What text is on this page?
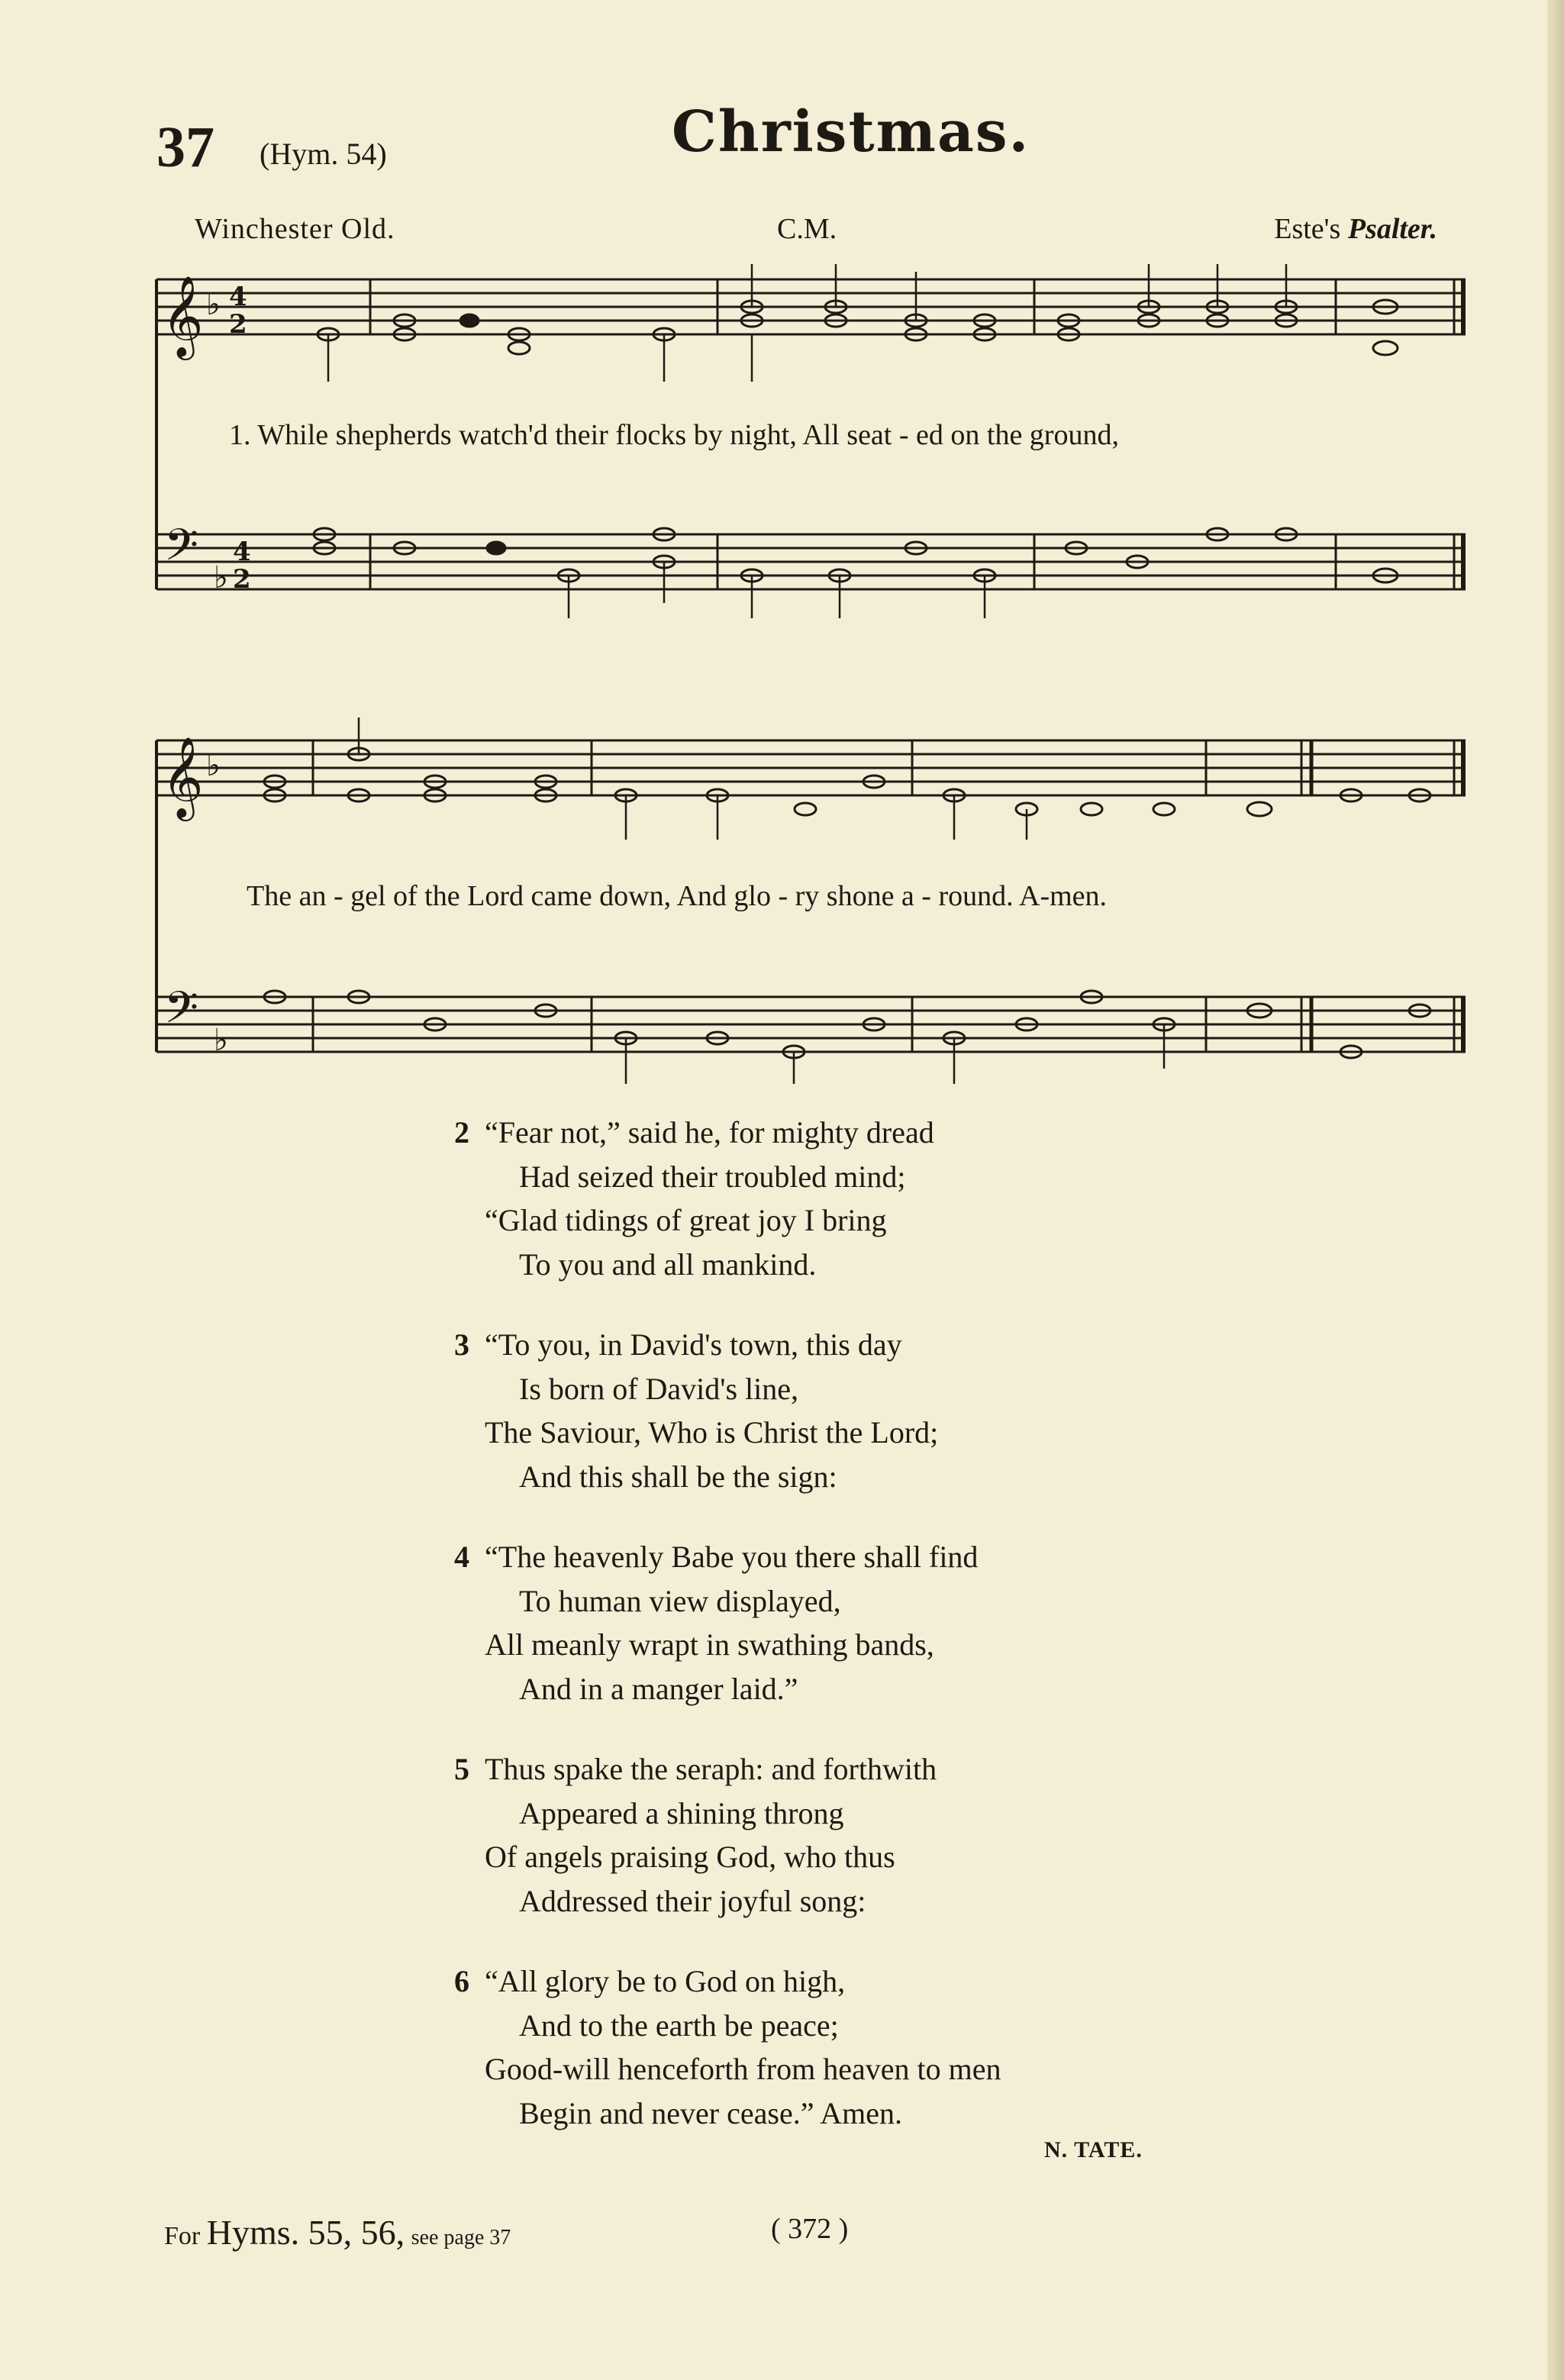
37 (Hym. 54)	Christmas.
Winchester Old.	C.M.	Este's Psalter.
𝄞 ♭ 4
2
𝄢 ♭
4
2
𝄞 ♭
𝄢 ♭
1. While shepherds watch'd their flocks by night, All seat - ed on the ground,
The an - gel of the Lord came down, And glo - ry shone a - round. A-men.
2 “Fear not,” said he, for mighty dread
Had seized their troubled mind;
“Glad tidings of great joy I bring
To you and all mankind.
3 “To you, in David's town, this day
Is born of David's line,
The Saviour, Who is Christ the Lord;
And this shall be the sign:
4 “The heavenly Babe you there shall find
To human view displayed,
All meanly wrapt in swathing bands,
And in a manger laid.”
5 Thus spake the seraph: and forthwith
Appeared a shining throng
Of angels praising God, who thus
Addressed their joyful song:
6 “All glory be to God on high,
And to the earth be peace;
Good-will henceforth from heaven to men
Begin and never cease.” Amen.
N. TATE.
For Hyms. 55, 56, see page 37	( 372 )
